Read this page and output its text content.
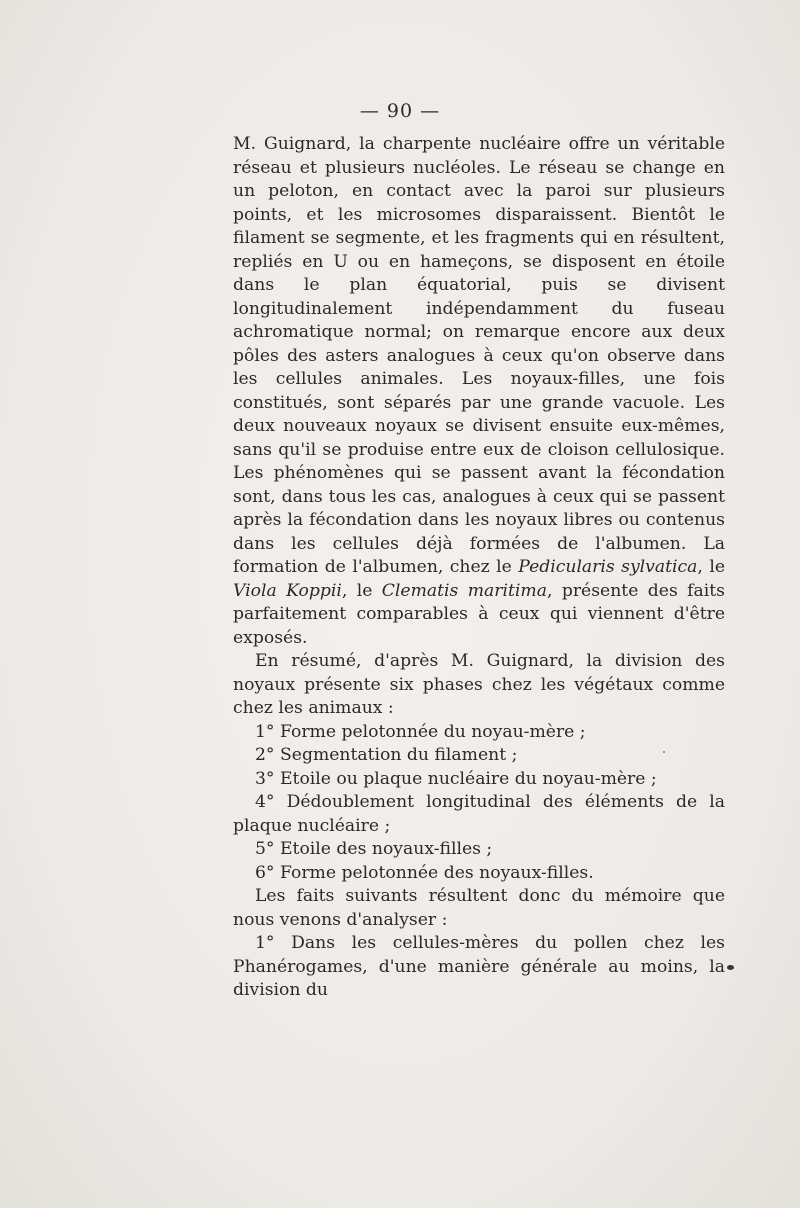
— 90 —

M. Guignard, la charpente nucléaire offre un véritable réseau et plusieurs nucléoles. Le réseau se change en un peloton, en contact avec la paroi sur plusieurs points, et les microsomes disparaissent. Bientôt le filament se segmente, et les fragments qui en résultent, repliés en U ou en hameçons, se disposent en étoile dans le plan équatorial, puis se divisent longitudinalement indépendamment du fuseau achromatique normal; on remarque encore aux deux pôles des asters analogues à ceux qu'on observe dans les cellules animales. Les noyaux-filles, une fois constitués, sont séparés par une grande vacuole. Les deux nouveaux noyaux se divisent ensuite eux-mêmes, sans qu'il se produise entre eux de cloison cellulosique. Les phénomènes qui se passent avant la fécondation sont, dans tous les cas, analogues à ceux qui se passent après la fécondation dans les noyaux libres ou contenus dans les cellules déjà formées de l'albumen. La formation de l'albumen, chez le Pedicularis sylvatica, le Viola Koppii, le Clematis maritima, présente des faits parfaitement comparables à ceux qui viennent d'être exposés.

En résumé, d'après M. Guignard, la division des noyaux présente six phases chez les végétaux comme chez les animaux :

1° Forme pelotonnée du noyau-mère ;

2° Segmentation du filament ;

3° Etoile ou plaque nucléaire du noyau-mère ;

4° Dédoublement longitudinal des éléments de la plaque nucléaire ;

5° Etoile des noyaux-filles ;

6° Forme pelotonnée des noyaux-filles.

Les faits suivants résultent donc du mémoire que nous venons d'analyser :

1° Dans les cellules-mères du pollen chez les Phanérogames, d'une manière générale au moins, la division du
